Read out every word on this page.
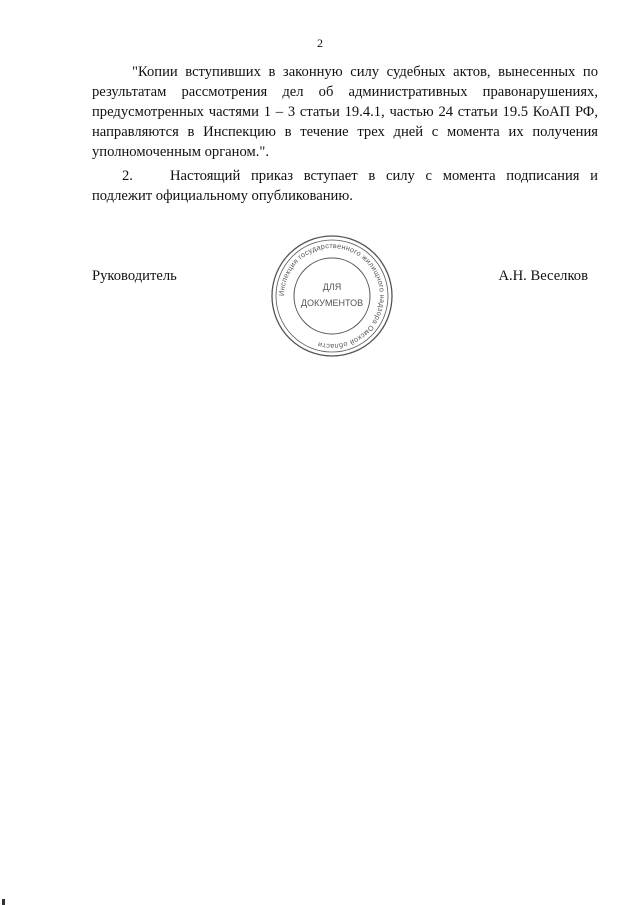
2

"Копии вступивших в законную силу судебных актов, вынесенных по результатам рассмотрения дел об административных правонарушениях, предусмотренных частями 1 – 3 статьи 19.4.1, частью 24 статьи 19.5 КоАП РФ, направляются в Инспекцию в течение трех дней с момента их получения уполномоченным органом.".

2.	Настоящий приказ вступает в силу с момента подписания и подлежит официальному опубликованию.

Руководитель	А.Н. Веселков
Инспекция государственного жилищного надзора Омской области
ДЛЯ
ДОКУМЕНТОВ
